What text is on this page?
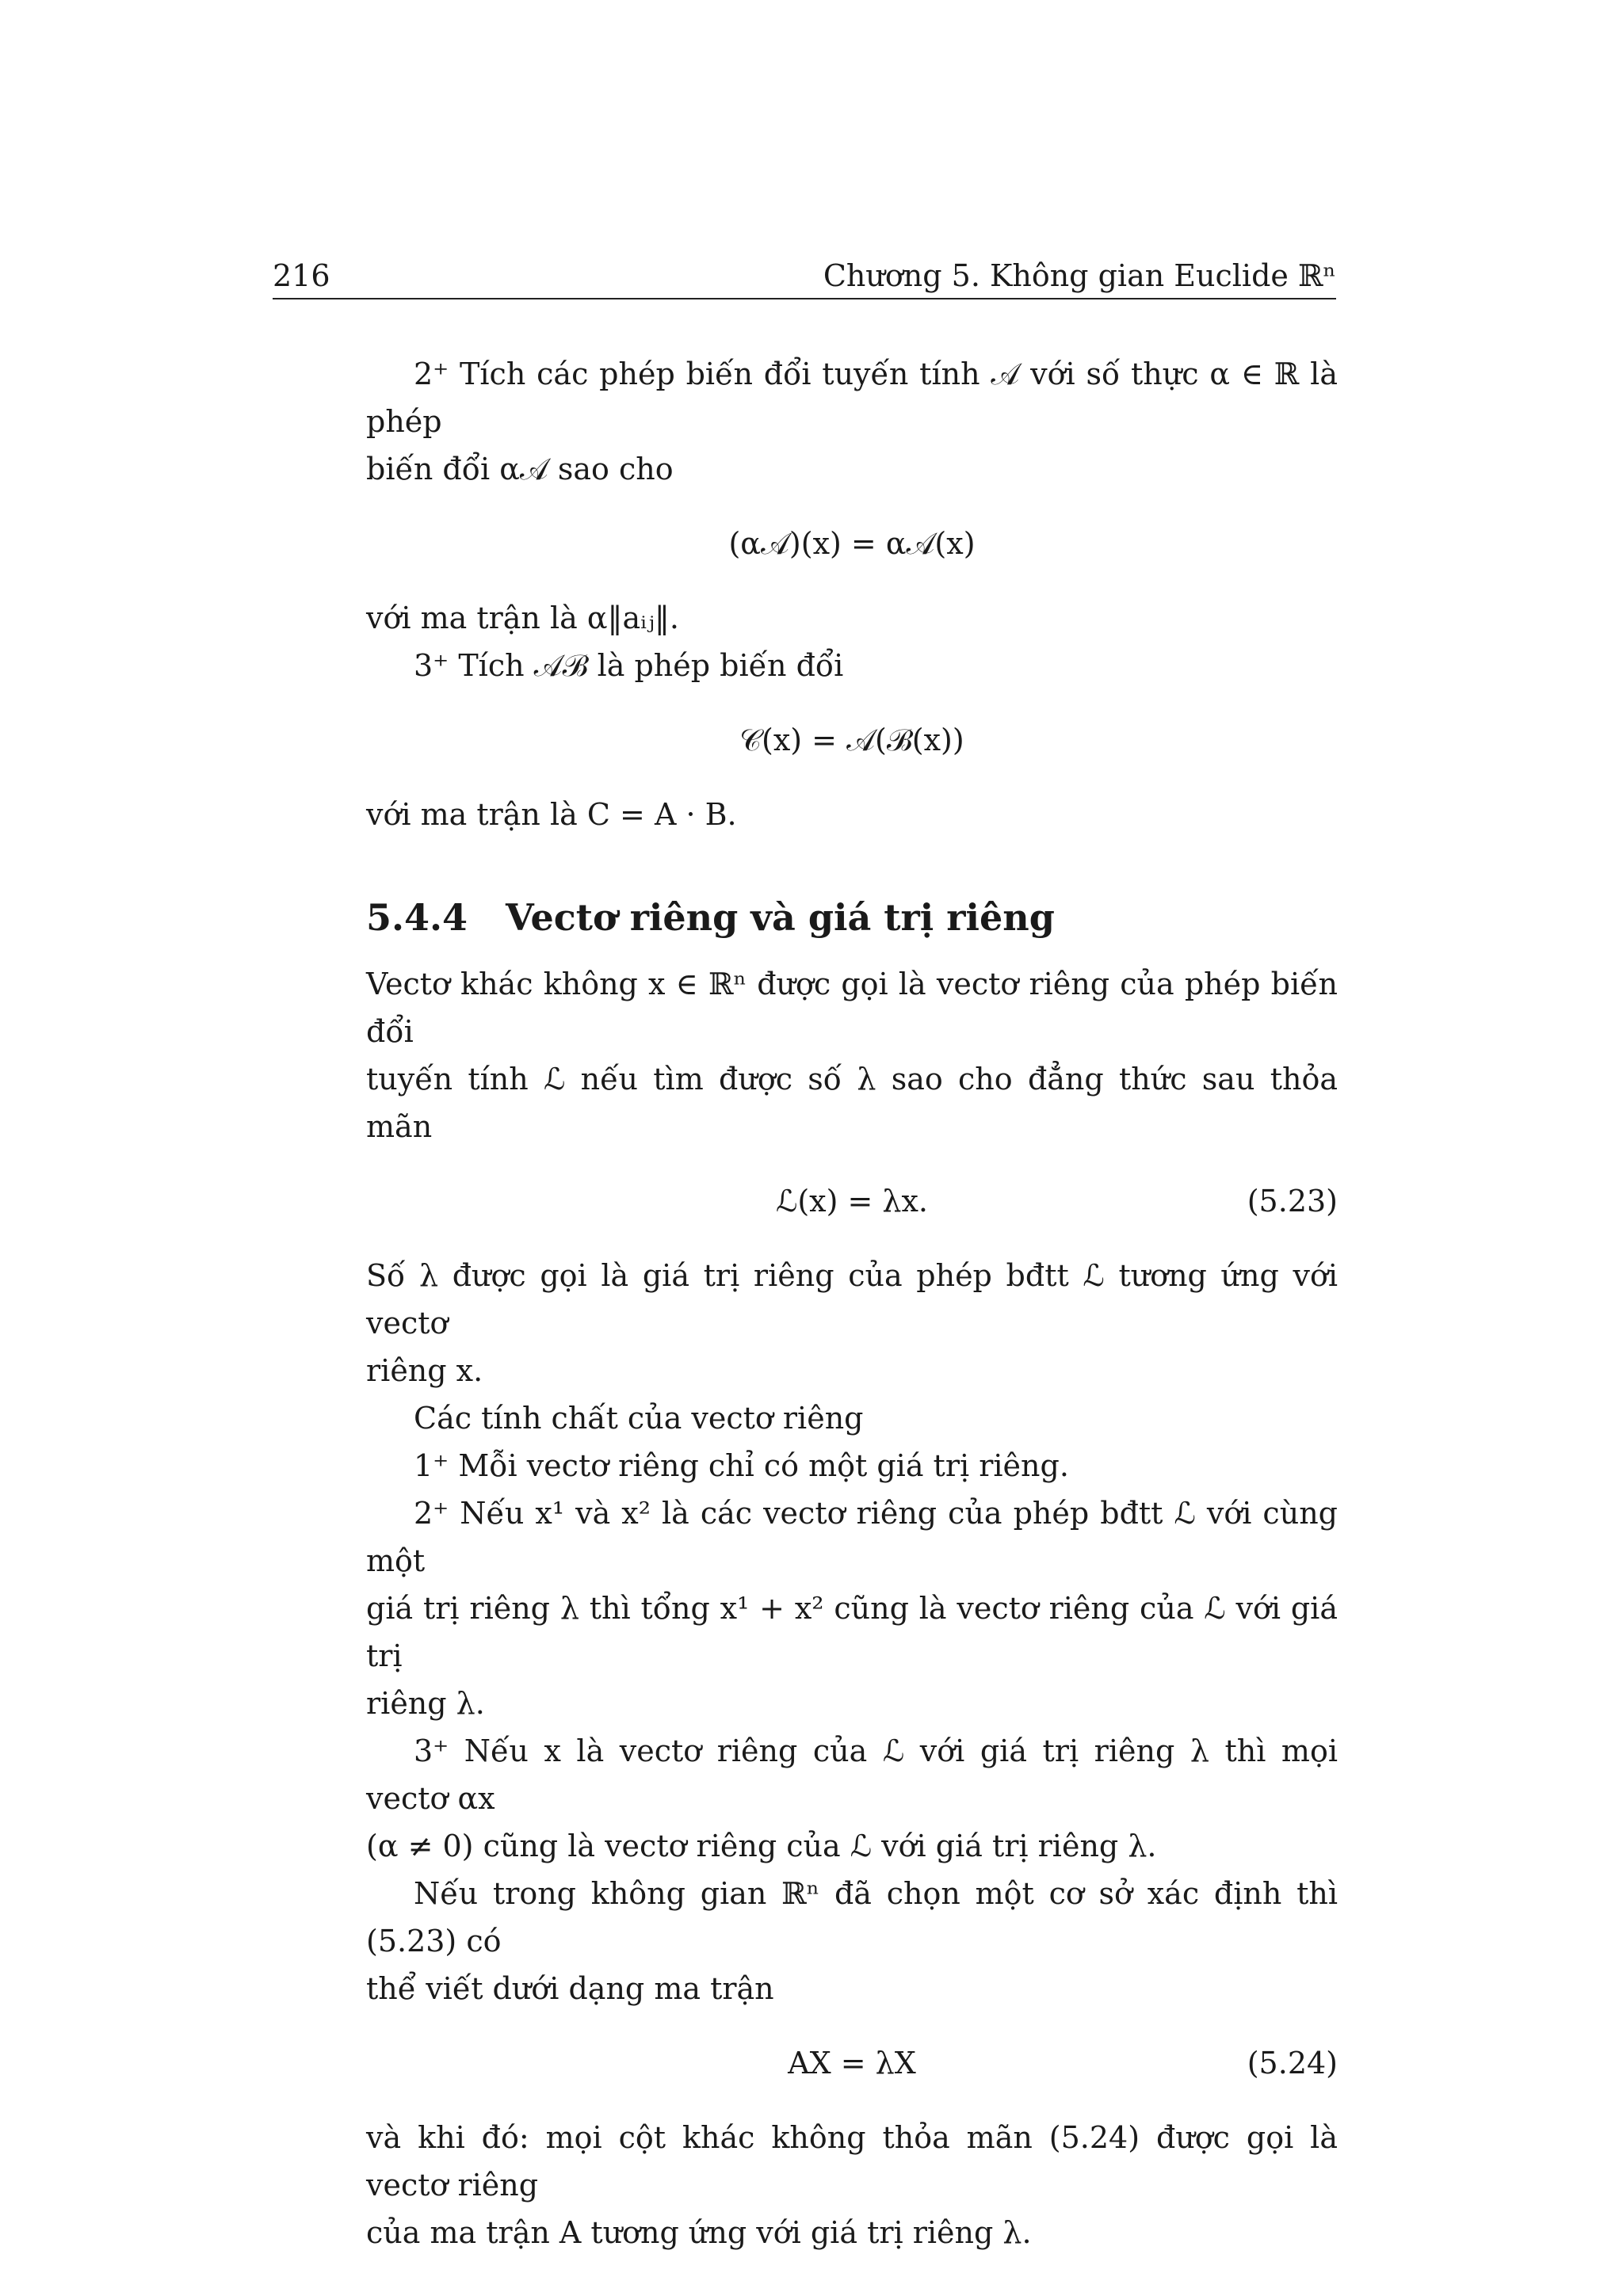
216	Chương 5. Không gian Euclide ℝⁿ

2⁺ Tích các phép biến đổi tuyến tính 𝒜 với số thực α ∈ ℝ là phép

biến đổi α𝒜 sao cho

(α𝒜)(x) = α𝒜(x)

với ma trận là α‖aᵢⱼ‖.

3⁺ Tích 𝒜ℬ là phép biến đổi

𝒞(x) = 𝒜(ℬ(x))

với ma trận là C = A · B.

5.4.4 Vectơ riêng và giá trị riêng

Vectơ khác không x ∈ ℝⁿ được gọi là vectơ riêng của phép biến đổi

tuyến tính ℒ nếu tìm được số λ sao cho đẳng thức sau thỏa mãn

ℒ(x) = λx.	(5.23)

Số λ được gọi là giá trị riêng của phép bđtt ℒ tương ứng với vectơ

riêng x.

Các tính chất của vectơ riêng

1⁺ Mỗi vectơ riêng chỉ có một giá trị riêng.

2⁺ Nếu x¹ và x² là các vectơ riêng của phép bđtt ℒ với cùng một

giá trị riêng λ thì tổng x¹ + x² cũng là vectơ riêng của ℒ với giá trị

riêng λ.

3⁺ Nếu x là vectơ riêng của ℒ với giá trị riêng λ thì mọi vectơ αx

(α ≠ 0) cũng là vectơ riêng của ℒ với giá trị riêng λ.

Nếu trong không gian ℝⁿ đã chọn một cơ sở xác định thì (5.23) có

thể viết dưới dạng ma trận

AX = λX	(5.24)

và khi đó: mọi cột khác không thỏa mãn (5.24) được gọi là vectơ riêng

của ma trận A tương ứng với giá trị riêng λ.
